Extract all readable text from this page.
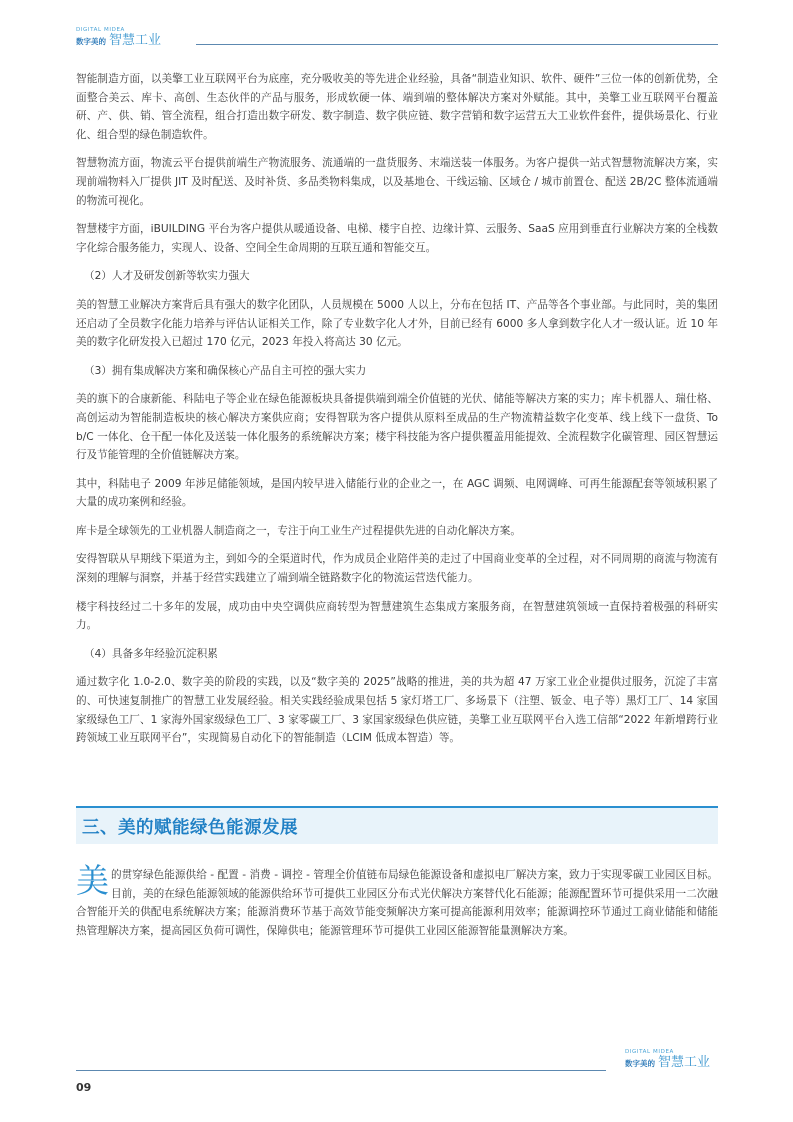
DIGITAL MIDEA
数字美的 智慧工业

智能制造方面，以美擎工业互联网平台为底座，充分吸收美的等先进企业经验，具备“制造业知识、软件、硬件”三位一体的创新优势，全面整合美云、库卡、高创、生态伙伴的产品与服务，形成软硬一体、端到端的整体解决方案对外赋能。其中，美擎工业互联网平台覆盖研、产、供、销、管全流程，组合打造出数字研发、数字制造、数字供应链、数字营销和数字运营五大工业软件套件，提供场景化、行业化、组合型的绿色制造软件。

智慧物流方面，物流云平台提供前端生产物流服务、流通端的一盘货服务、末端送装一体服务。为客户提供一站式智慧物流解决方案，实现前端物料入厂提供 JIT 及时配送、及时补货、多品类物料集成，以及基地仓、干线运输、区域仓 / 城市前置仓、配送 2B/2C 整体流通端的物流可视化。

智慧楼宇方面，iBUILDING 平台为客户提供从暖通设备、电梯、楼宇自控、边缘计算、云服务、SaaS 应用到垂直行业解决方案的全栈数字化综合服务能力，实现人、设备、空间全生命周期的互联互通和智能交互。

（2）人才及研发创新等软实力强大

美的智慧工业解决方案背后具有强大的数字化团队，人员规模在 5000 人以上，分布在包括 IT、产品等各个事业部。与此同时，美的集团还启动了全员数字化能力培养与评估认证相关工作，除了专业数字化人才外，目前已经有 6000 多人拿到数字化人才一级认证。近 10 年美的数字化研发投入已超过 170 亿元，2023 年投入将高达 30 亿元。

（3）拥有集成解决方案和确保核心产品自主可控的强大实力

美的旗下的合康新能、科陆电子等企业在绿色能源板块具备提供端到端全价值链的光伏、储能等解决方案的实力；库卡机器人、瑞仕格、高创运动为智能制造板块的核心解决方案供应商；安得智联为客户提供从原料至成品的生产物流精益数字化变革、线上线下一盘货、To b/C 一体化、仓干配一体化及送装一体化服务的系统解决方案；楼宇科技能为客户提供覆盖用能提效、全流程数字化碳管理、园区智慧运行及节能管理的全价值链解决方案。

其中，科陆电子 2009 年涉足储能领域，是国内较早进入储能行业的企业之一，在 AGC 调频、电网调峰、可再生能源配套等领域积累了大量的成功案例和经验。

库卡是全球领先的工业机器人制造商之一，专注于向工业生产过程提供先进的自动化解决方案。

安得智联从早期线下渠道为主，到如今的全渠道时代，作为成员企业陪伴美的走过了中国商业变革的全过程，对不同周期的商流与物流有深刻的理解与洞察，并基于经营实践建立了端到端全链路数字化的物流运营迭代能力。

楼宇科技经过二十多年的发展，成功由中央空调供应商转型为智慧建筑生态集成方案服务商，在智慧建筑领域一直保持着极强的科研实力。

（4）具备多年经验沉淀积累

通过数字化 1.0-2.0、数字美的阶段的实践，以及“数字美的 2025”战略的推进，美的共为超 47 万家工业企业提供过服务，沉淀了丰富的、可快速复制推广的智慧工业发展经验。相关实践经验成果包括 5 家灯塔工厂、多场景下（注塑、钣金、电子等）黑灯工厂、14 家国家级绿色工厂、1 家海外国家级绿色工厂、3 家零碳工厂、3 家国家级绿色供应链，美擎工业互联网平台入选工信部“2022 年新增跨行业跨领域工业互联网平台”，实现简易自动化下的智能制造（LCIM 低成本智造）等。

三、美的赋能绿色能源发展
美 的贯穿绿色能源供给 - 配置 - 消费 - 调控 - 管理全价值链布局绿色能源设备和虚拟电厂解决方案，致力于实现零碳工业园区目标。目前，美的在绿色能源领域的能源供给环节可提供工业园区分布式光伏解决方案替代化石能源；能源配置环节可提供采用一二次融合智能开关的供配电系统解决方案；能源消费环节基于高效节能变频解决方案可提高能源利用效率；能源调控环节通过工商业储能和储能热管理解决方案，提高园区负荷可调性，保障供电；能源管理环节可提供工业园区能源智能量测解决方案。
DIGITAL MIDEA
数字美的 智慧工业
09
